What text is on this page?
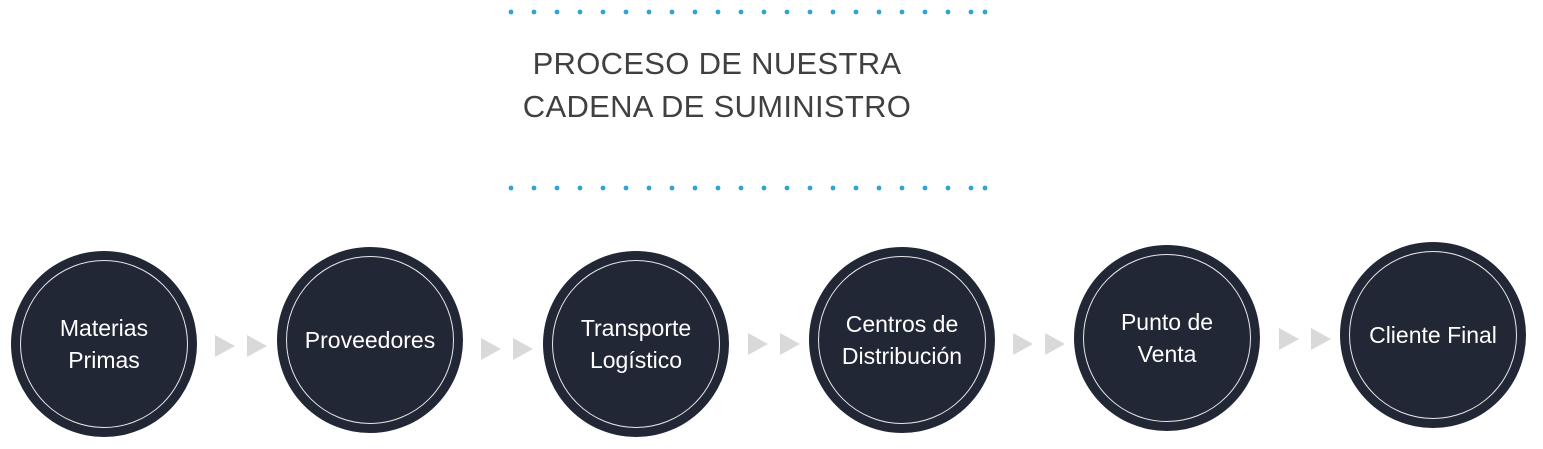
PROCESO DE NUESTRA
CADENA DE SUMINISTRO
Materias
Primas
Proveedores	Transporte
Logístico
Centros de
Distribución
Punto de
Venta
Cliente Final
